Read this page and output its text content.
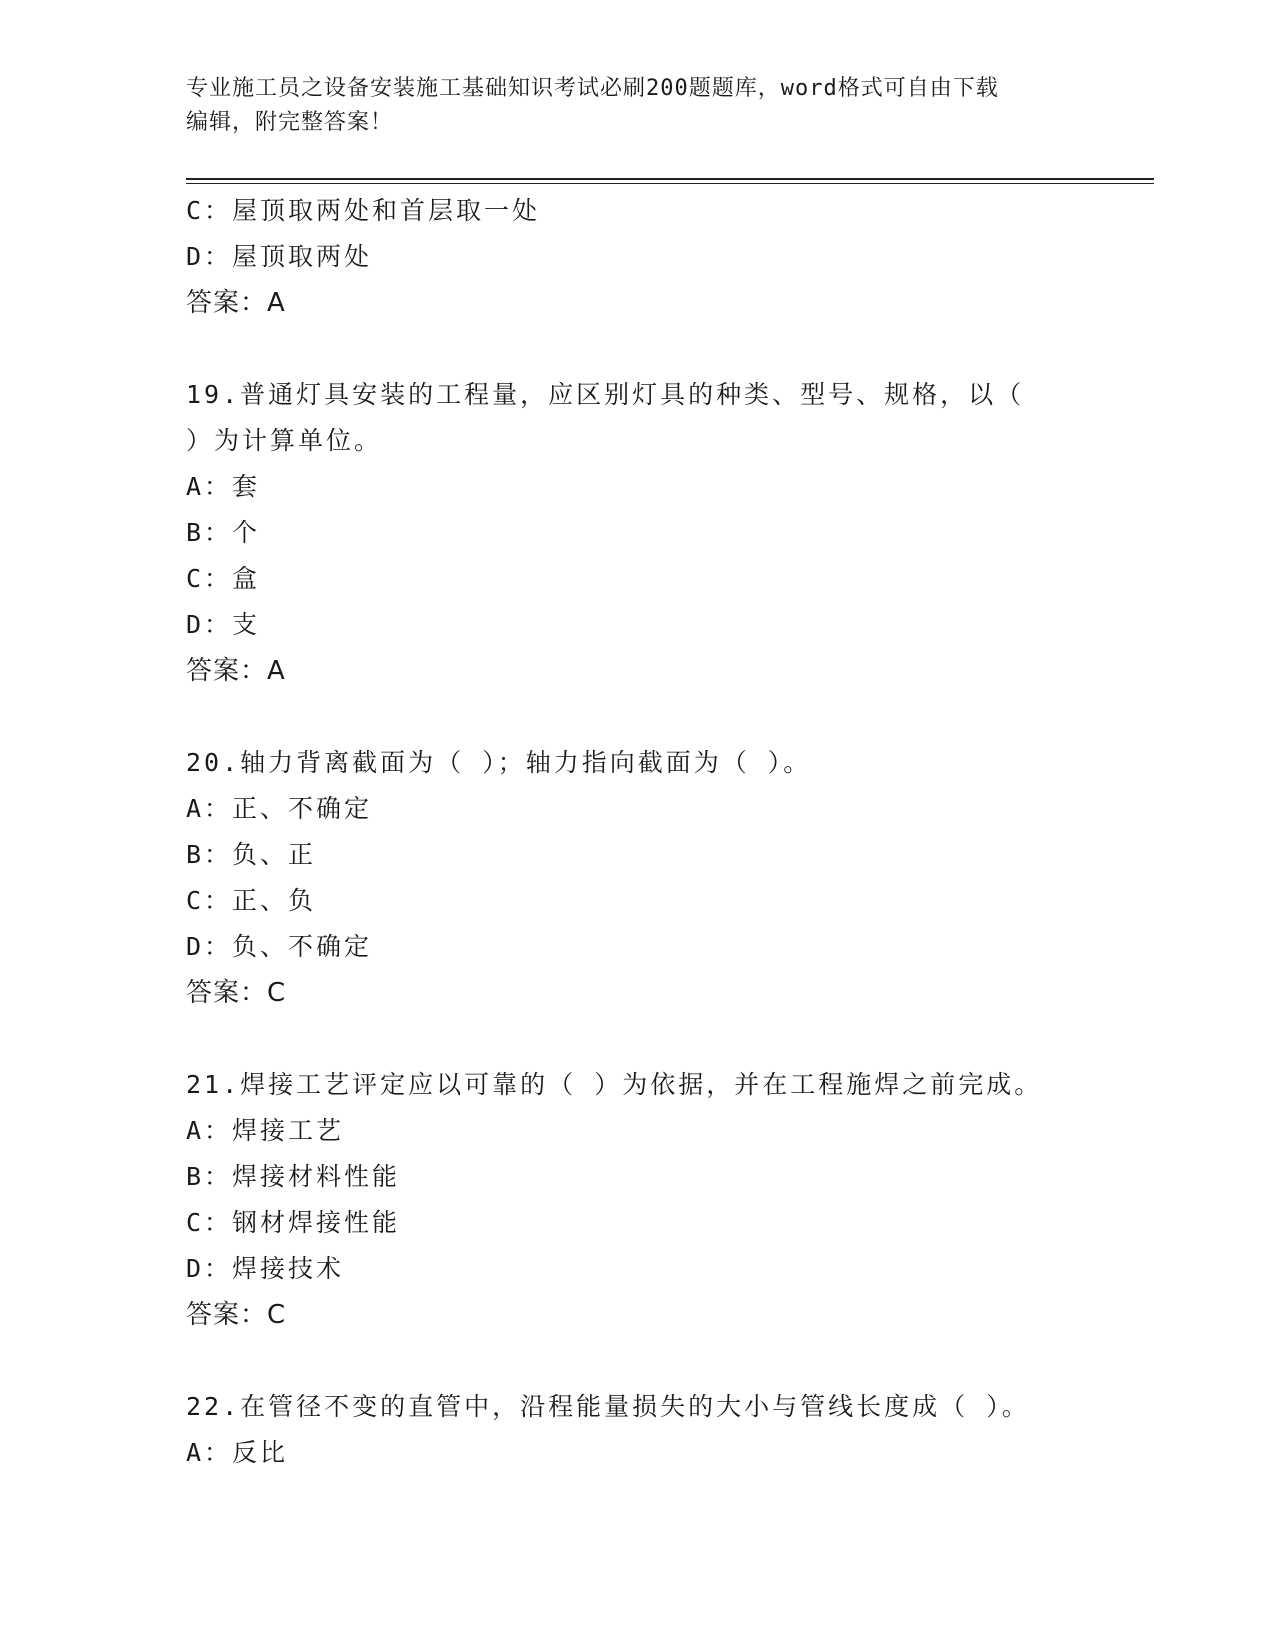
专业施工员之设备安装施工基础知识考试必刷200题题库，word格式可自由下载
编辑，附完整答案！
C：屋顶取两处和首层取一处
D：屋顶取两处
答案：A
19.普通灯具安装的工程量，应区别灯具的种类、型号、规格，以（
）为计算单位。
A：套
B：个
C：盒
D：支
答案：A
20.轴力背离截面为（ ）；轴力指向截面为（ ）。
A：正、不确定
B：负、正
C：正、负
D：负、不确定
答案：C
21.焊接工艺评定应以可靠的（ ）为依据，并在工程施焊之前完成。
A：焊接工艺
B：焊接材料性能
C：钢材焊接性能
D：焊接技术
答案：C
22.在管径不变的直管中，沿程能量损失的大小与管线长度成（ ）。
A：反比
